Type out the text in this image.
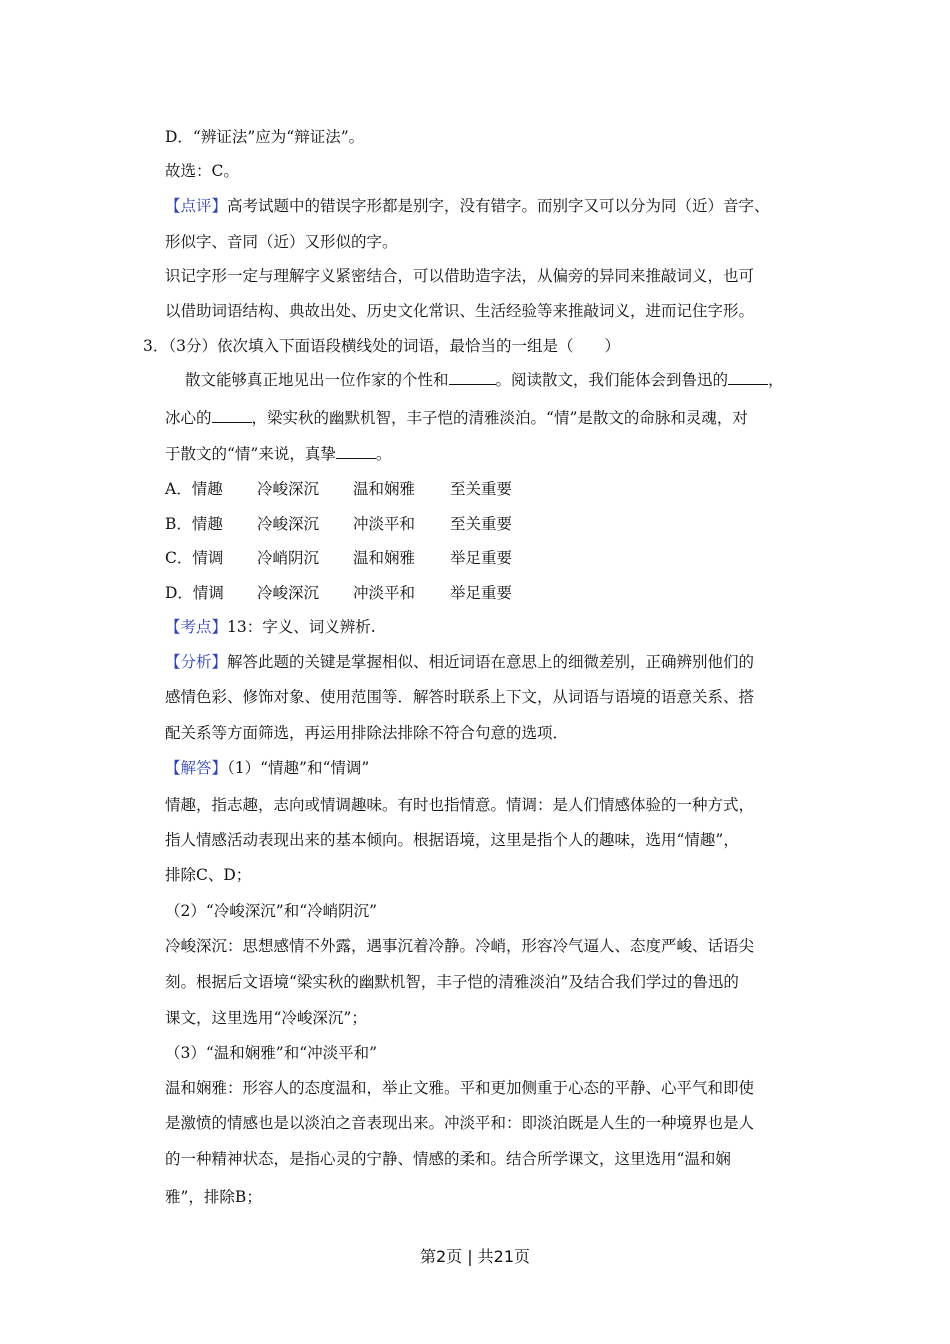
D．“辨证法”应为“辩证法”。
故选：C。
【点评】高考试题中的错误字形都是别字，没有错字。而别字又可以分为同（近）音字、
形似字、音同（近）又形似的字。
识记字形一定与理解字义紧密结合，可以借助造字法，从偏旁的异同来推敲词义，也可
以借助词语结构、典故出处、历史文化常识、生活经验等来推敲词义，进而记住字形。
3．（3分）依次填入下面语段横线处的词语，最恰当的一组是（　　）
散文能够真正地见出一位作家的个性和	。阅读散文，我们能体会到鲁迅的	，
冰心的	，梁实秋的幽默机智，丰子恺的清雅淡泊。“情”是散文的命脉和灵魂，对
于散文的“情”来说，真挚	。
A．情趣 冷峻深沉 温和娴雅 至关重要
B．情趣 冷峻深沉 冲淡平和 至关重要
C．情调 冷峭阴沉 温和娴雅 举足重要
D．情调 冷峻深沉 冲淡平和 举足重要
【考点】13：字义、词义辨析.
【分析】解答此题的关键是掌握相似、相近词语在意思上的细微差别，正确辨别他们的
感情色彩、修饰对象、使用范围等．解答时联系上下文，从词语与语境的语意关系、搭
配关系等方面筛选，再运用排除法排除不符合句意的选项．
【解答】（1）“情趣”和“情调”
情趣，指志趣，志向或情调趣味。有时也指情意。情调：是人们情感体验的一种方式，
指人情感活动表现出来的基本倾向。根据语境，这里是指个人的趣味，选用“情趣”，
排除C、D；
（2）“冷峻深沉”和“冷峭阴沉”
冷峻深沉：思想感情不外露，遇事沉着冷静。冷峭，形容冷气逼人、态度严峻、话语尖
刻。根据后文语境“梁实秋的幽默机智，丰子恺的清雅淡泊”及结合我们学过的鲁迅的
课文，这里选用“冷峻深沉”；
（3）“温和娴雅”和“冲淡平和”
温和娴雅：形容人的态度温和，举止文雅。平和更加侧重于心态的平静、心平气和即使
是激愤的情感也是以淡泊之音表现出来。冲淡平和：即淡泊既是人生的一种境界也是人
的一种精神状态，是指心灵的宁静、情感的柔和。结合所学课文，这里选用“温和娴
雅”，排除B；
第2页 | 共21页
